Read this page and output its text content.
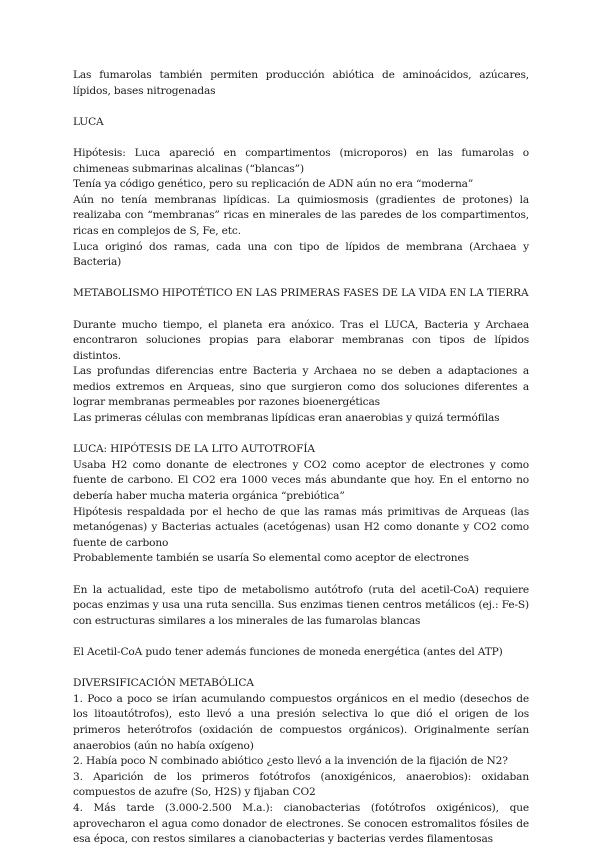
Las fumarolas también permiten producción abiótica de aminoácidos, azúcares, lípidos, bases nitrogenadas

LUCA

Hipótesis: Luca apareció en compartimentos (microporos) en las fumarolas o chimeneas submarinas alcalinas (“blancas”)

Tenía ya código genético, pero su replicación de ADN aún no era “moderna”

Aún no tenía membranas lipídicas. La quimiosmosis (gradientes de protones) la realizaba con “membranas” ricas en minerales de las paredes de los compartimentos, ricas en complejos de S, Fe, etc.

Luca originó dos ramas, cada una con tipo de lípidos de membrana (Archaea y Bacteria)

METABOLISMO HIPOTÉTICO EN LAS PRIMERAS FASES DE LA VIDA EN LA TIERRA

Durante mucho tiempo, el planeta era anóxico. Tras el LUCA, Bacteria y Archaea encontraron soluciones propias para elaborar membranas con tipos de lípidos distintos.

Las profundas diferencias entre Bacteria y Archaea no se deben a adaptaciones a medios extremos en Arqueas, sino que surgieron como dos soluciones diferentes a lograr membranas permeables por razones bioenergéticas

Las primeras células con membranas lipídicas eran anaerobias y quizá termófilas

LUCA: HIPÓTESIS DE LA LITO AUTOTROFÍA

Usaba H2 como donante de electrones y CO2 como aceptor de electrones y como fuente de carbono. El CO2 era 1000 veces más abundante que hoy. En el entorno no debería haber mucha materia orgánica “prebiótica”

Hipótesis respaldada por el hecho de que las ramas más primitivas de Arqueas (las metanógenas) y Bacterias actuales (acetógenas) usan H2 como donante y CO2 como fuente de carbono

Probablemente también se usaría So elemental como aceptor de electrones

En la actualidad, este tipo de metabolismo autótrofo (ruta del acetil-CoA) requiere pocas enzimas y usa una ruta sencilla. Sus enzimas tienen centros metálicos (ej.: Fe-S) con estructuras similares a los minerales de las fumarolas blancas

El Acetil-CoA pudo tener además funciones de moneda energética (antes del ATP)

DIVERSIFICACIÓN METABÓLICA

1. Poco a poco se irían acumulando compuestos orgánicos en el medio (desechos de los litoautótrofos), esto llevó a una presión selectiva lo que dió el origen de los primeros heterótrofos (oxidación de compuestos orgánicos). Originalmente serían anaerobios (aún no había oxígeno)

2. Había poco N combinado abiótico ¿esto llevó a la invención de la fijación de N2?

3. Aparición de los primeros fotótrofos (anoxigénicos, anaerobios): oxidaban compuestos de azufre (So, H2S) y fijaban CO2

4. Más tarde (3.000-2.500 M.a.): cianobacterias (fotótrofos oxigénicos), que aprovecharon el agua como donador de electrones. Se conocen estromalitos fósiles de esa época, con restos similares a cianobacterias y bacterias verdes filamentosas
